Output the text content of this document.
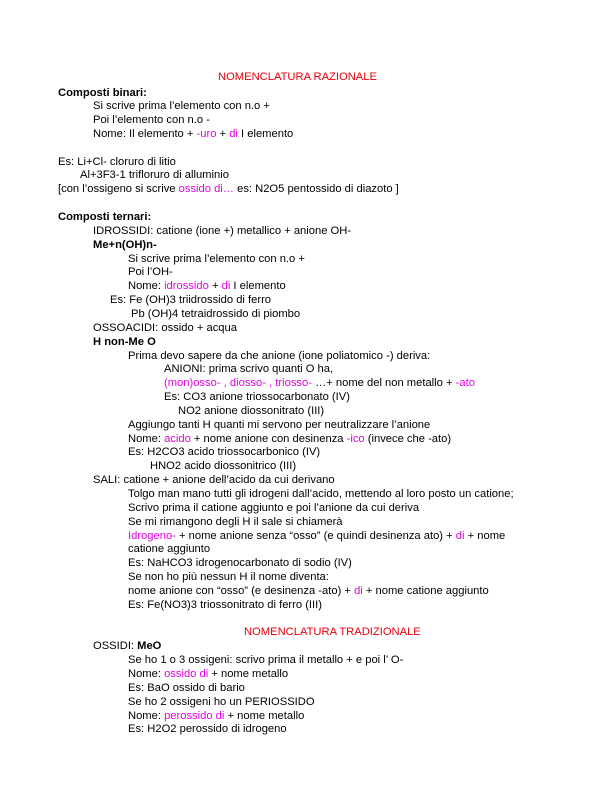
NOMENCLATURA RAZIONALE
Composti binari:
Si scrive prima l’elemento con n.o +
Poi l’elemento con n.o -
Nome: Il elemento + -uro + di I elemento
Es: Li+Cl- cloruro di litio
Al+3F3-1 trifloruro di alluminio
[con l’ossigeno si scrive ossido di… es: N2O5 pentossido di diazoto ]
Composti ternari:
IDROSSIDI: catione (ione +) metallico + anione OH-
Me+n(OH)n-
Si scrive prima l’elemento con n.o +
Poi l’OH-
Nome: idrossido + di I elemento
Es: Fe (OH)3 triidrossido di ferro
Pb (OH)4 tetraidrossido di piombo
OSSOACIDI: ossido + acqua
H non-Me O
Prima devo sapere da che anione (ione poliatomico -) deriva:
ANIONI: prima scrivo quanti O ha,
(mon)osso- , diosso- , triosso- …+ nome del non metallo + -ato
Es: CO3 anione triossocarbonato (IV)
NO2 anione diossonitrato (III)
Aggiungo tanti H quanti mi servono per neutralizzare l’anione
Nome: acido + nome anione con desinenza -ico (invece che -ato)
Es: H2CO3 acido triossocarbonico (IV)
HNO2 acido diossonitrico (III)
SALI: catione + anione dell’acido da cui derivano
Tolgo man mano tutti gli idrogeni dall’acido, mettendo al loro posto un catione;
Scrivo prima il catione aggiunto e poi l’anione da cui deriva
Se mi rimangono degli H il sale si chiamerà
Idrogeno- + nome anione senza “osso” (e quindi desinenza ato) + di + nome
catione aggiunto
Es: NaHCO3 idrogenocarbonato di sodio (IV)
Se non ho più nessun H il nome diventa:
nome anione con “osso” (e desinenza -ato) + di + nome catione aggiunto
Es: Fe(NO3)3 triossonitrato di ferro (III)
NOMENCLATURA TRADIZIONALE
OSSIDI: MeO
Se ho 1 o 3 ossigeni: scrivo prima il metallo + e poi l’ O-
Nome: ossido di + nome metallo
Es: BaO ossido di bario
Se ho 2 ossigeni ho un PERIOSSIDO
Nome: perossido di + nome metallo
Es: H2O2 perossido di idrogeno
